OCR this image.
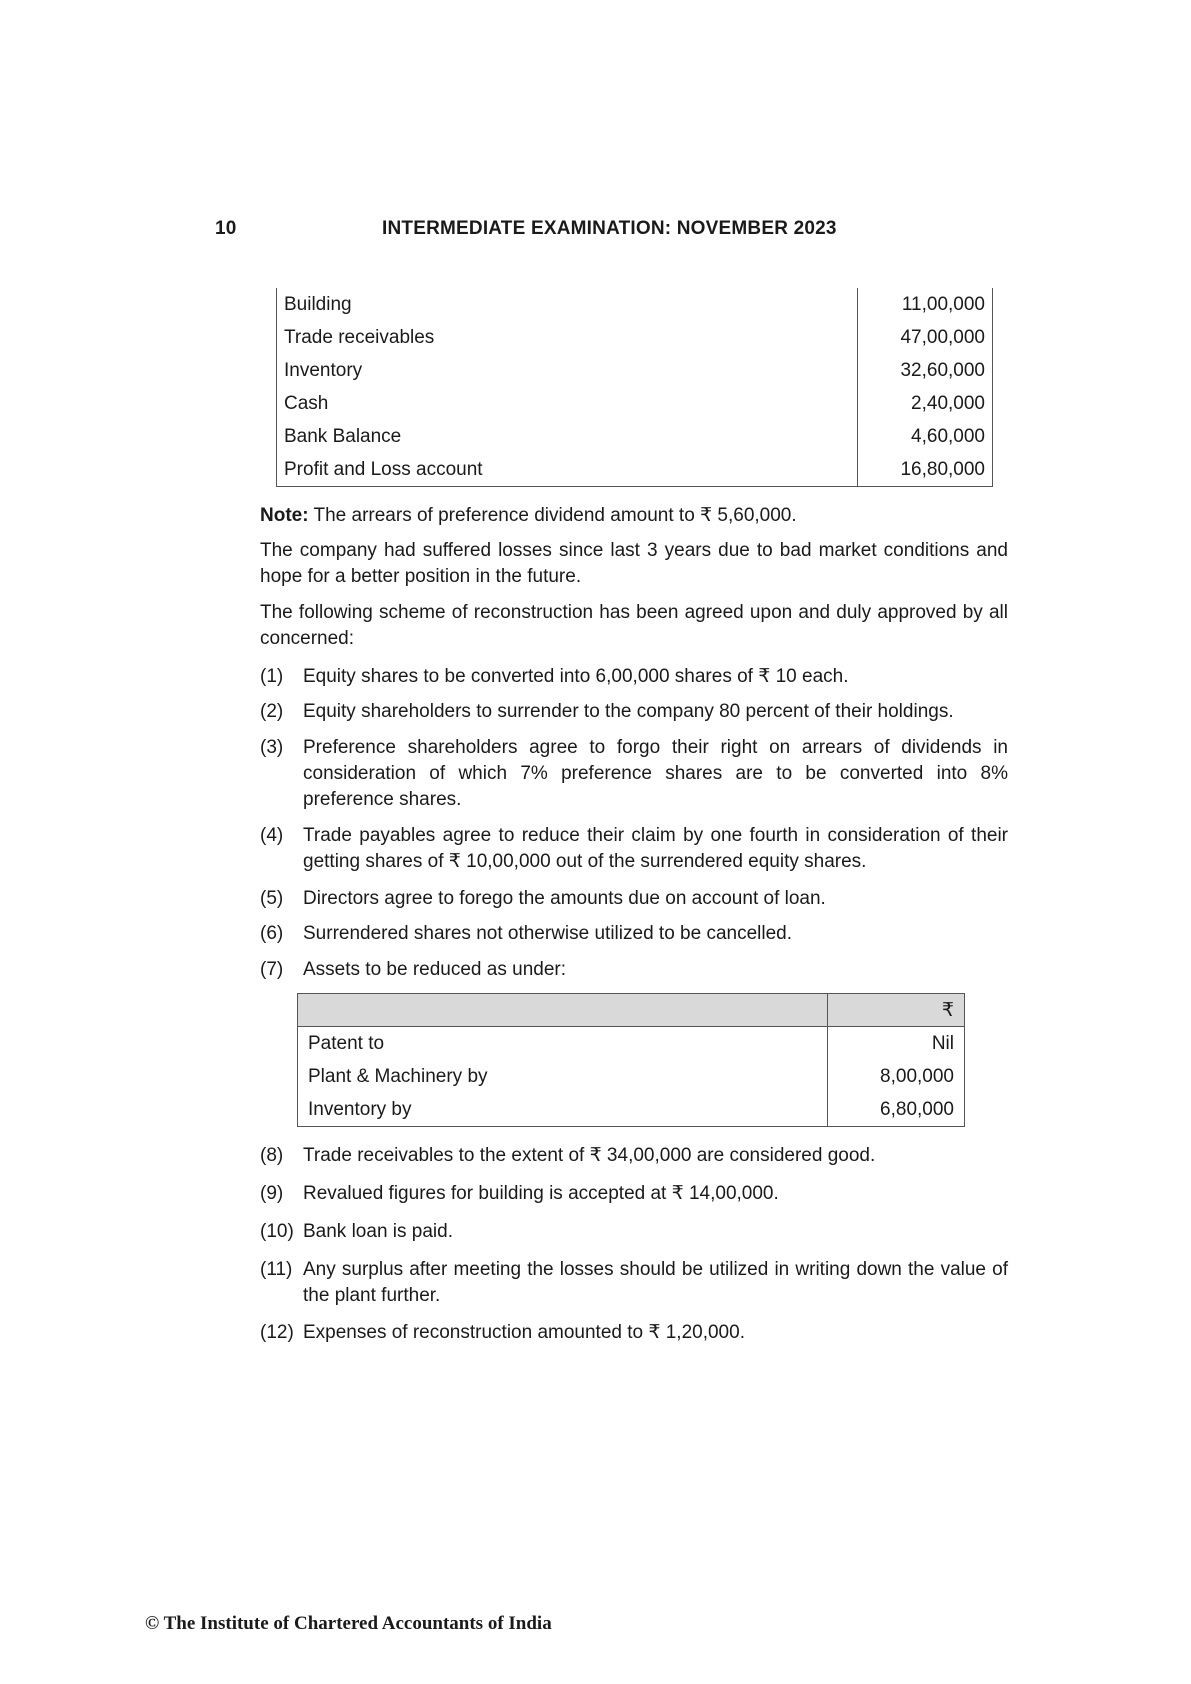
10	INTERMEDIATE EXAMINATION: NOVEMBER 2023
Building	11,00,000
Trade receivables	47,00,000
Inventory	32,60,000
Cash	2,40,000
Bank Balance	4,60,000
Profit and Loss account	16,80,000
Note: The arrears of preference dividend amount to ₹ 5,60,000.
The company had suffered losses since last 3 years due to bad market conditions and hope for a better position in the future.
The following scheme of reconstruction has been agreed upon and duly approved by all concerned:
(1) Equity shares to be converted into 6,00,000 shares of ₹ 10 each.
(2) Equity shareholders to surrender to the company 80 percent of their holdings.
(3) Preference shareholders agree to forgo their right on arrears of dividends in consideration of which 7% preference shares are to be converted into 8% preference shares.
(4) Trade payables agree to reduce their claim by one fourth in consideration of their getting shares of ₹ 10,00,000 out of the surrendered equity shares.
(5) Directors agree to forego the amounts due on account of loan.
(6) Surrendered shares not otherwise utilized to be cancelled.
(7) Assets to be reduced as under:
	₹
Patent to	Nil
Plant & Machinery by	8,00,000
Inventory by	6,80,000
(8) Trade receivables to the extent of ₹ 34,00,000 are considered good.
(9) Revalued figures for building is accepted at ₹ 14,00,000.
(10) Bank loan is paid.
(11) Any surplus after meeting the losses should be utilized in writing down the value of the plant further.
(12) Expenses of reconstruction amounted to ₹ 1,20,000.
© The Institute of Chartered Accountants of India
